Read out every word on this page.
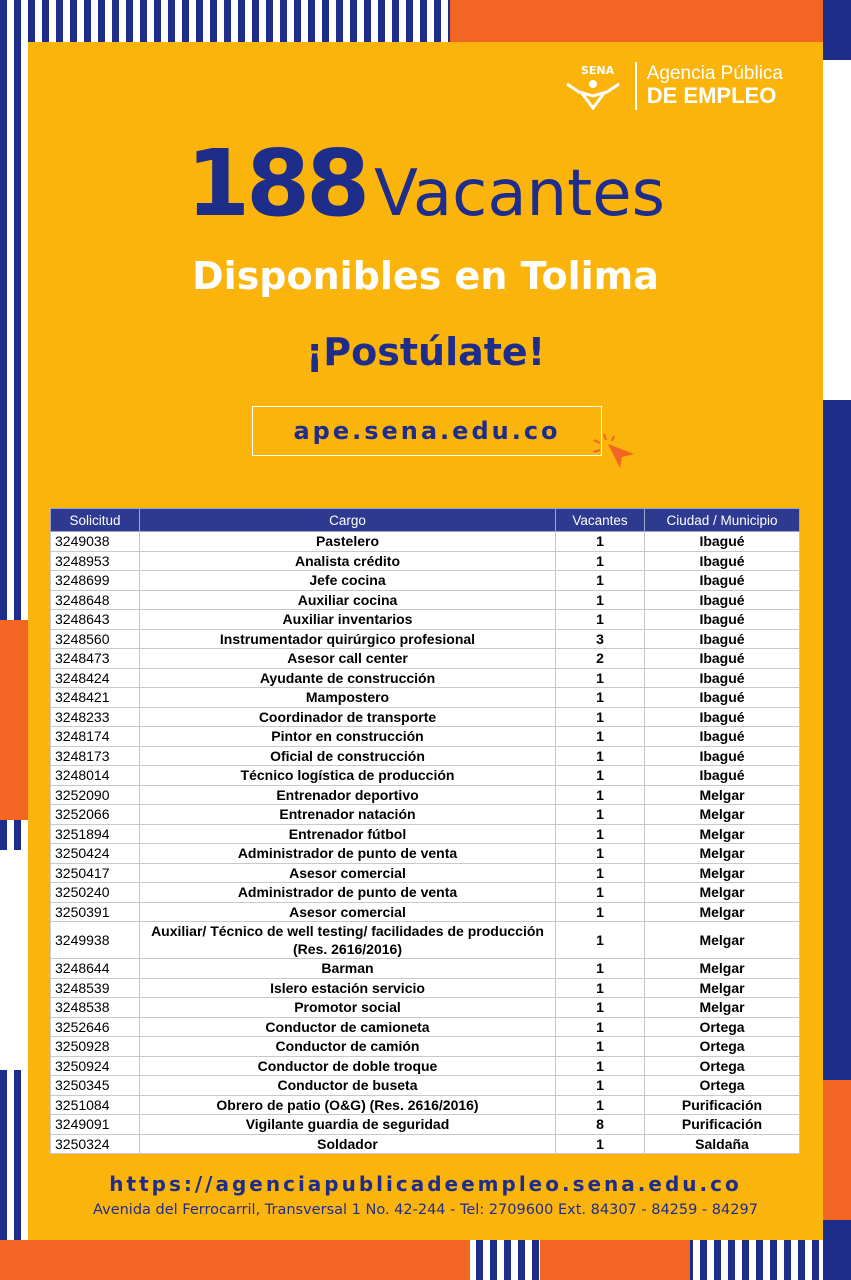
SENA Agencia Pública
DE EMPLEO
188 Vacantes
Disponibles en Tolima
¡Postúlate!
ape.sena.edu.co
Solicitud	Cargo	Vacantes	Ciudad / Municipio
3249038	Pastelero	1	Ibagué
3248953	Analista crédito	1	Ibagué
3248699	Jefe cocina	1	Ibagué
3248648	Auxiliar cocina	1	Ibagué
3248643	Auxiliar inventarios	1	Ibagué
3248560	Instrumentador quirúrgico profesional	3	Ibagué
3248473	Asesor call center	2	Ibagué
3248424	Ayudante de construcción	1	Ibagué
3248421	Mampostero	1	Ibagué
3248233	Coordinador de transporte	1	Ibagué
3248174	Pintor en construcción	1	Ibagué
3248173	Oficial de construcción	1	Ibagué
3248014	Técnico logística de producción	1	Ibagué
3252090	Entrenador deportivo	1	Melgar
3252066	Entrenador natación	1	Melgar
3251894	Entrenador fútbol	1	Melgar
3250424	Administrador de punto de venta	1	Melgar
3250417	Asesor comercial	1	Melgar
3250240	Administrador de punto de venta	1	Melgar
3250391	Asesor comercial	1	Melgar
3249938	Auxiliar/ Técnico de well testing/ facilidades de producción (Res. 2616/2016)	1	Melgar
3248644	Barman	1	Melgar
3248539	Islero estación servicio	1	Melgar
3248538	Promotor social	1	Melgar
3252646	Conductor de camioneta	1	Ortega
3250928	Conductor de camión	1	Ortega
3250924	Conductor de doble troque	1	Ortega
3250345	Conductor de buseta	1	Ortega
3251084	Obrero de patio (O&G) (Res. 2616/2016)	1	Purificación
3249091	Vigilante guardia de seguridad	8	Purificación
3250324	Soldador	1	Saldaña
https://agenciapublicadeempleo.sena.edu.co
Avenida del Ferrocarril, Transversal 1 No. 42-244 - Tel: 2709600 Ext. 84307 - 84259 - 84297
